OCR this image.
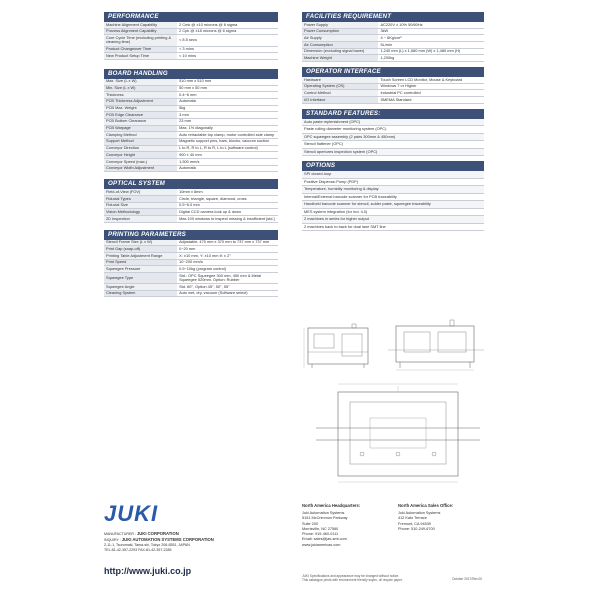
PERFORMANCE
Machine Alignment Capability	2 Cmk @ ±10 microns @ 6 sigma
Process Alignment Capability	2 Cpk @ ±18 microns @ 6 sigma
Core Cycle Time (excluding printing & cleaning time)	< 8.5 secs
Product Changeover Time	< 3 mins
New Product Setup Time	< 10 mins
BOARD HANDLING
Max. Size (L x W)	510 mm x 510 mm
Min. Size (L x W)	50 mm x 50 mm
Thickness	0.4~6 mm
PCB Thickness Adjustment	Automatic
PCB Max. Weight	5kg
PCB Edge Clearance	3 mm
PCB Bottom Clearance	23 mm
PCB Warpage	Max. 1% diagonally
Clamping Method	Auto retractable top clamp, motor controlled side clamp
Support Method	Magnetic support pins, bars, blocks, vacuum suction
Conveyor Direction	L to R, R to L, R to R, L to L (software control)
Conveyor Height	900 ± 40 mm
Conveyor Speed (max.)	1,500 mm/s
Conveyor Width Adjustment	Automatic
OPTICAL SYSTEM
Field-of-View (FOV)	10mm x 8mm
Fiducial Types	Circle, triangle, square, diamond, cross
Fiducial Size	0.5~6.0 mm
Vision Methodology	Digital CCD camera look up & down
2D Inspection	Max.100 windows to inspect missing & insufficient [std.]
PRINTING PARAMETERS
Stencil Frame Size (L x W)	Adjustable, 470 mm x 370 mm to 737 mm x 737 mm
Print Gap (snap-off)	0~20 mm
Printing Table Adjustment Range	X: ±10 mm, Y: ±10 mm θ: ± 2°
Print Speed	10~200 mm/s
Squeegee Pressure	0.5~10kg (program control)
Squeegee Type	Std.: OPC Squeegee 300 mm, 450 mm & Metal Squeegee 520mm. Option: Rubber
Squeegee Angle	Std. 60°, Option 45°, 50°, 55°
Cleaning System	Auto wet, dry, vacuum (Software select)
FACILITIES REQUIREMENT
Power Supply	AC220V ± 10% 50/60Hz
Power Consumption	3kW
Air Supply	4 ~ 6Kg/cm²
Air Consumption	5L/min
Dimension (excluding signal tower)	1,240 mm (L) x 1,580 mm (W) x 1,480 mm (H)
Machine Weight	1,200kg
OPERATOR INTERFACE
Hardware	Touch Screen LCD Monitor, Mouse & Keyboard
Operating System (OS)	Windows 7 or Higher
Control Method	Industrial PC controlled
I/O Interface	SMEMA Standard
STANDARD FEATURES:
Auto paste replenishment (OPC)
Paste rolling diameter monitoring system (OPC)
OPC squeegee assembly (2 pairs 300mm & 450mm)
Stencil flattener (OPC)
Stencil apertures inspection system (OPC)
OPTIONS
SPI closed-loop
Positive Dispense-Pump (PDP)
Temperature, humidity monitoring & display
Internal/External barcode scanner for PCB traceability
Handheld barcode scanner for stencil, solder paste, squeegee traceability
MES system integration (for Ind. 4.0)
2 machines in series for higher output
2 machines back to back for dual lane SMT line
JUKI
MANUFACTURER : JUKI CORPORATION
INQUIRY : JUKI AUTOMATION SYSTEMS CORPORATION
2-11-1, Tsurumaki, Tama-shi, Tokyo 206-8551, JAPAN
TEL:81-42-357-2293 FAX:81-42-357-2285
http://www.juki.co.jp
North America Headquarters:
Juki Automation Systems
5151 McCrimmon Parkway
Suite 200
Morrisville, NC 27560
Phone: 919-460-0111
Email: sales@jas-smt.com
www.jukiamericas.com
North America Sales Office:
Juki Automation Systems
412 Kato Terrace
Fremont, CA 94539
Phone: 510-249-6700
JUKI Specifications and appearance may be changed without notice.
This catalogue prints with environment friendly soybn, oil recycle paper.	October 2017/Rev.00
